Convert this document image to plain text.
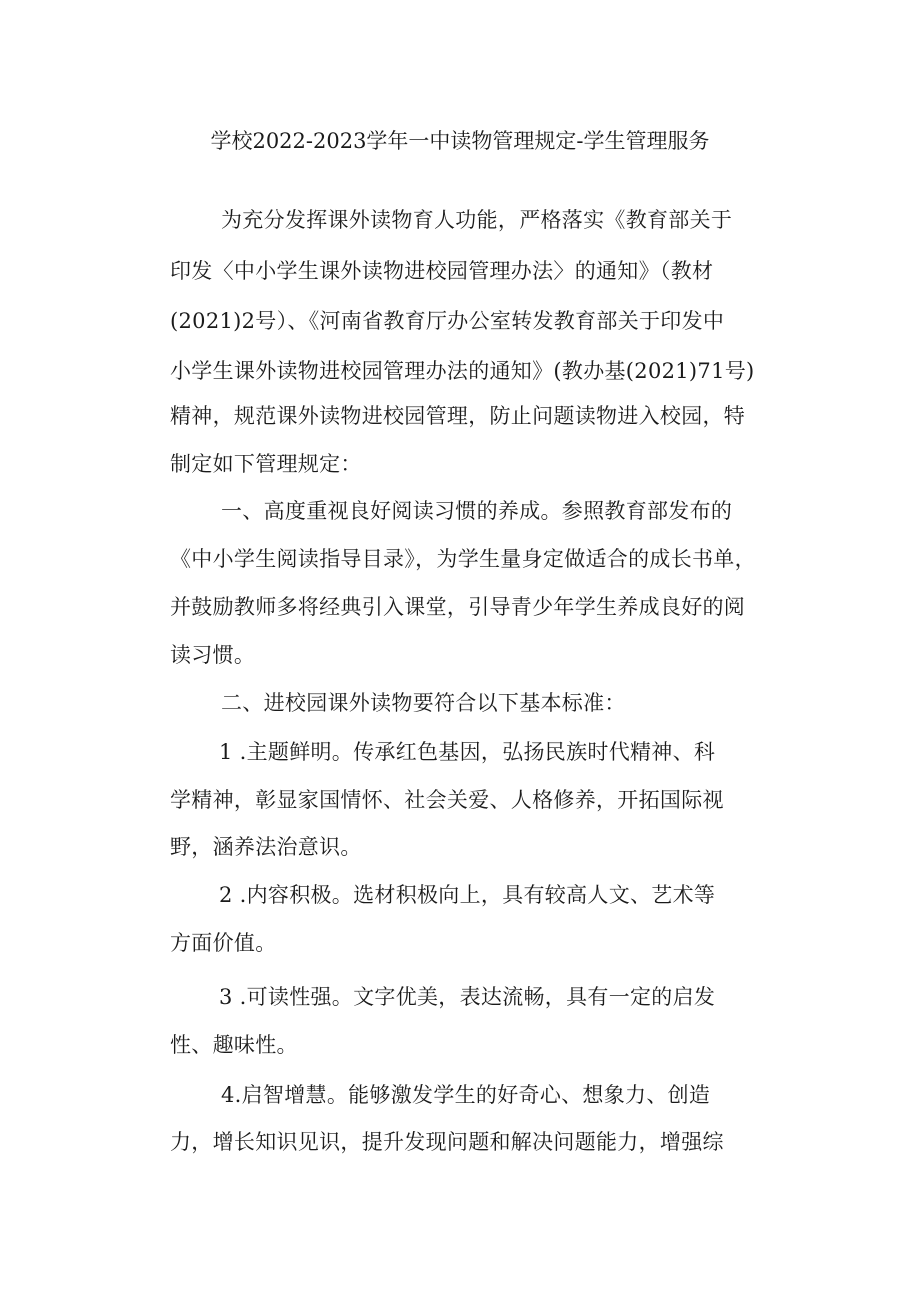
学校2022-2023学年一中读物管理规定-学生管理服务
为充分发挥课外读物育人功能，严格落实《教育部关于
印发〈中小学生课外读物进校园管理办法〉的通知》（教材
(2021)2号）、《河南省教育厅办公室转发教育部关于印发中
小学生课外读物进校园管理办法的通知》(教办基(2021)71号)
精神，规范课外读物进校园管理，防止问题读物进入校园，特
制定如下管理规定：
一、高度重视良好阅读习惯的养成。参照教育部发布的
《中小学生阅读指导目录》，为学生量身定做适合的成长书单，
并鼓励教师多将经典引入课堂，引导青少年学生养成良好的阅
读习惯。
二、进校园课外读物要符合以下基本标准：
1 .主题鲜明。传承红色基因，弘扬民族时代精神、科
学精神，彰显家国情怀、社会关爱、人格修养，开拓国际视
野，涵养法治意识。
2 .内容积极。选材积极向上，具有较高人文、艺术等
方面价值。
3 .可读性强。文字优美，表达流畅，具有一定的启发
性、趣味性。
4.启智增慧。能够激发学生的好奇心、想象力、创造
力，增长知识见识，提升发现问题和解决问题能力，增强综
